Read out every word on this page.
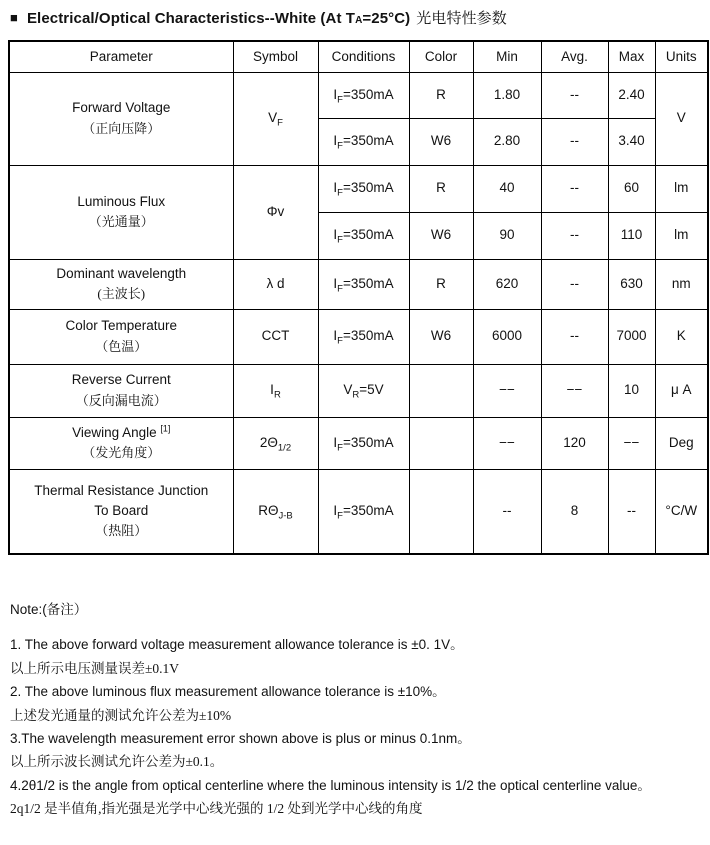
■ Electrical/Optical Characteristics--White (At TA=25°C) 光电特性参数
Parameter	Symbol	Conditions	Color	Min	Avg.	Max	Units
Forward Voltage
（正向压降）	$V_F$	$I_F=350mA$	R	1.80	--	2.40	V
		$I_F=350mA$	W6	2.80	--	3.40	
Luminous Flux
（光通量）	Φv	$I_F=350mA$	R	40	--	60	lm
		$I_F=350mA$	W6	90	--	110	lm
Dominant wavelength
(主波长)	λ d	$I_F=350mA$	R	620	--	630	nm
Color Temperature
（色温）	CCT	$I_F=350mA$	W6	6000	--	7000	K
Reverse Current
（反向漏电流）	$I_R$	$V_R=5V$		−−	−−	10	μ A
Viewing Angle [1]
（发光角度）	$2\Theta_{1/2}$	$I_F=350mA$		−−	120	−−	Deg
Thermal Resistance Junction
To Board
（热阻）	$R\Theta_{J-B}$	$I_F=350mA$		--	8	--	°C/W
Note:(备注）
1. The above forward voltage measurement allowance tolerance is ±0. 1V。
以上所示电压测量误差±0.1V
2. The above luminous flux measurement allowance tolerance is ±10%。
上述发光通量的测试允许公差为±10%
3.The wavelength measurement error shown above is plus or minus 0.1nm。
以上所示波长测试允许公差为±0.1。
4.2θ1/2 is the angle from optical centerline where the luminous intensity is 1/2 the optical centerline value。
2q1/2 是半值角,指光强是光学中心线光强的 1/2 处到光学中心线的角度
